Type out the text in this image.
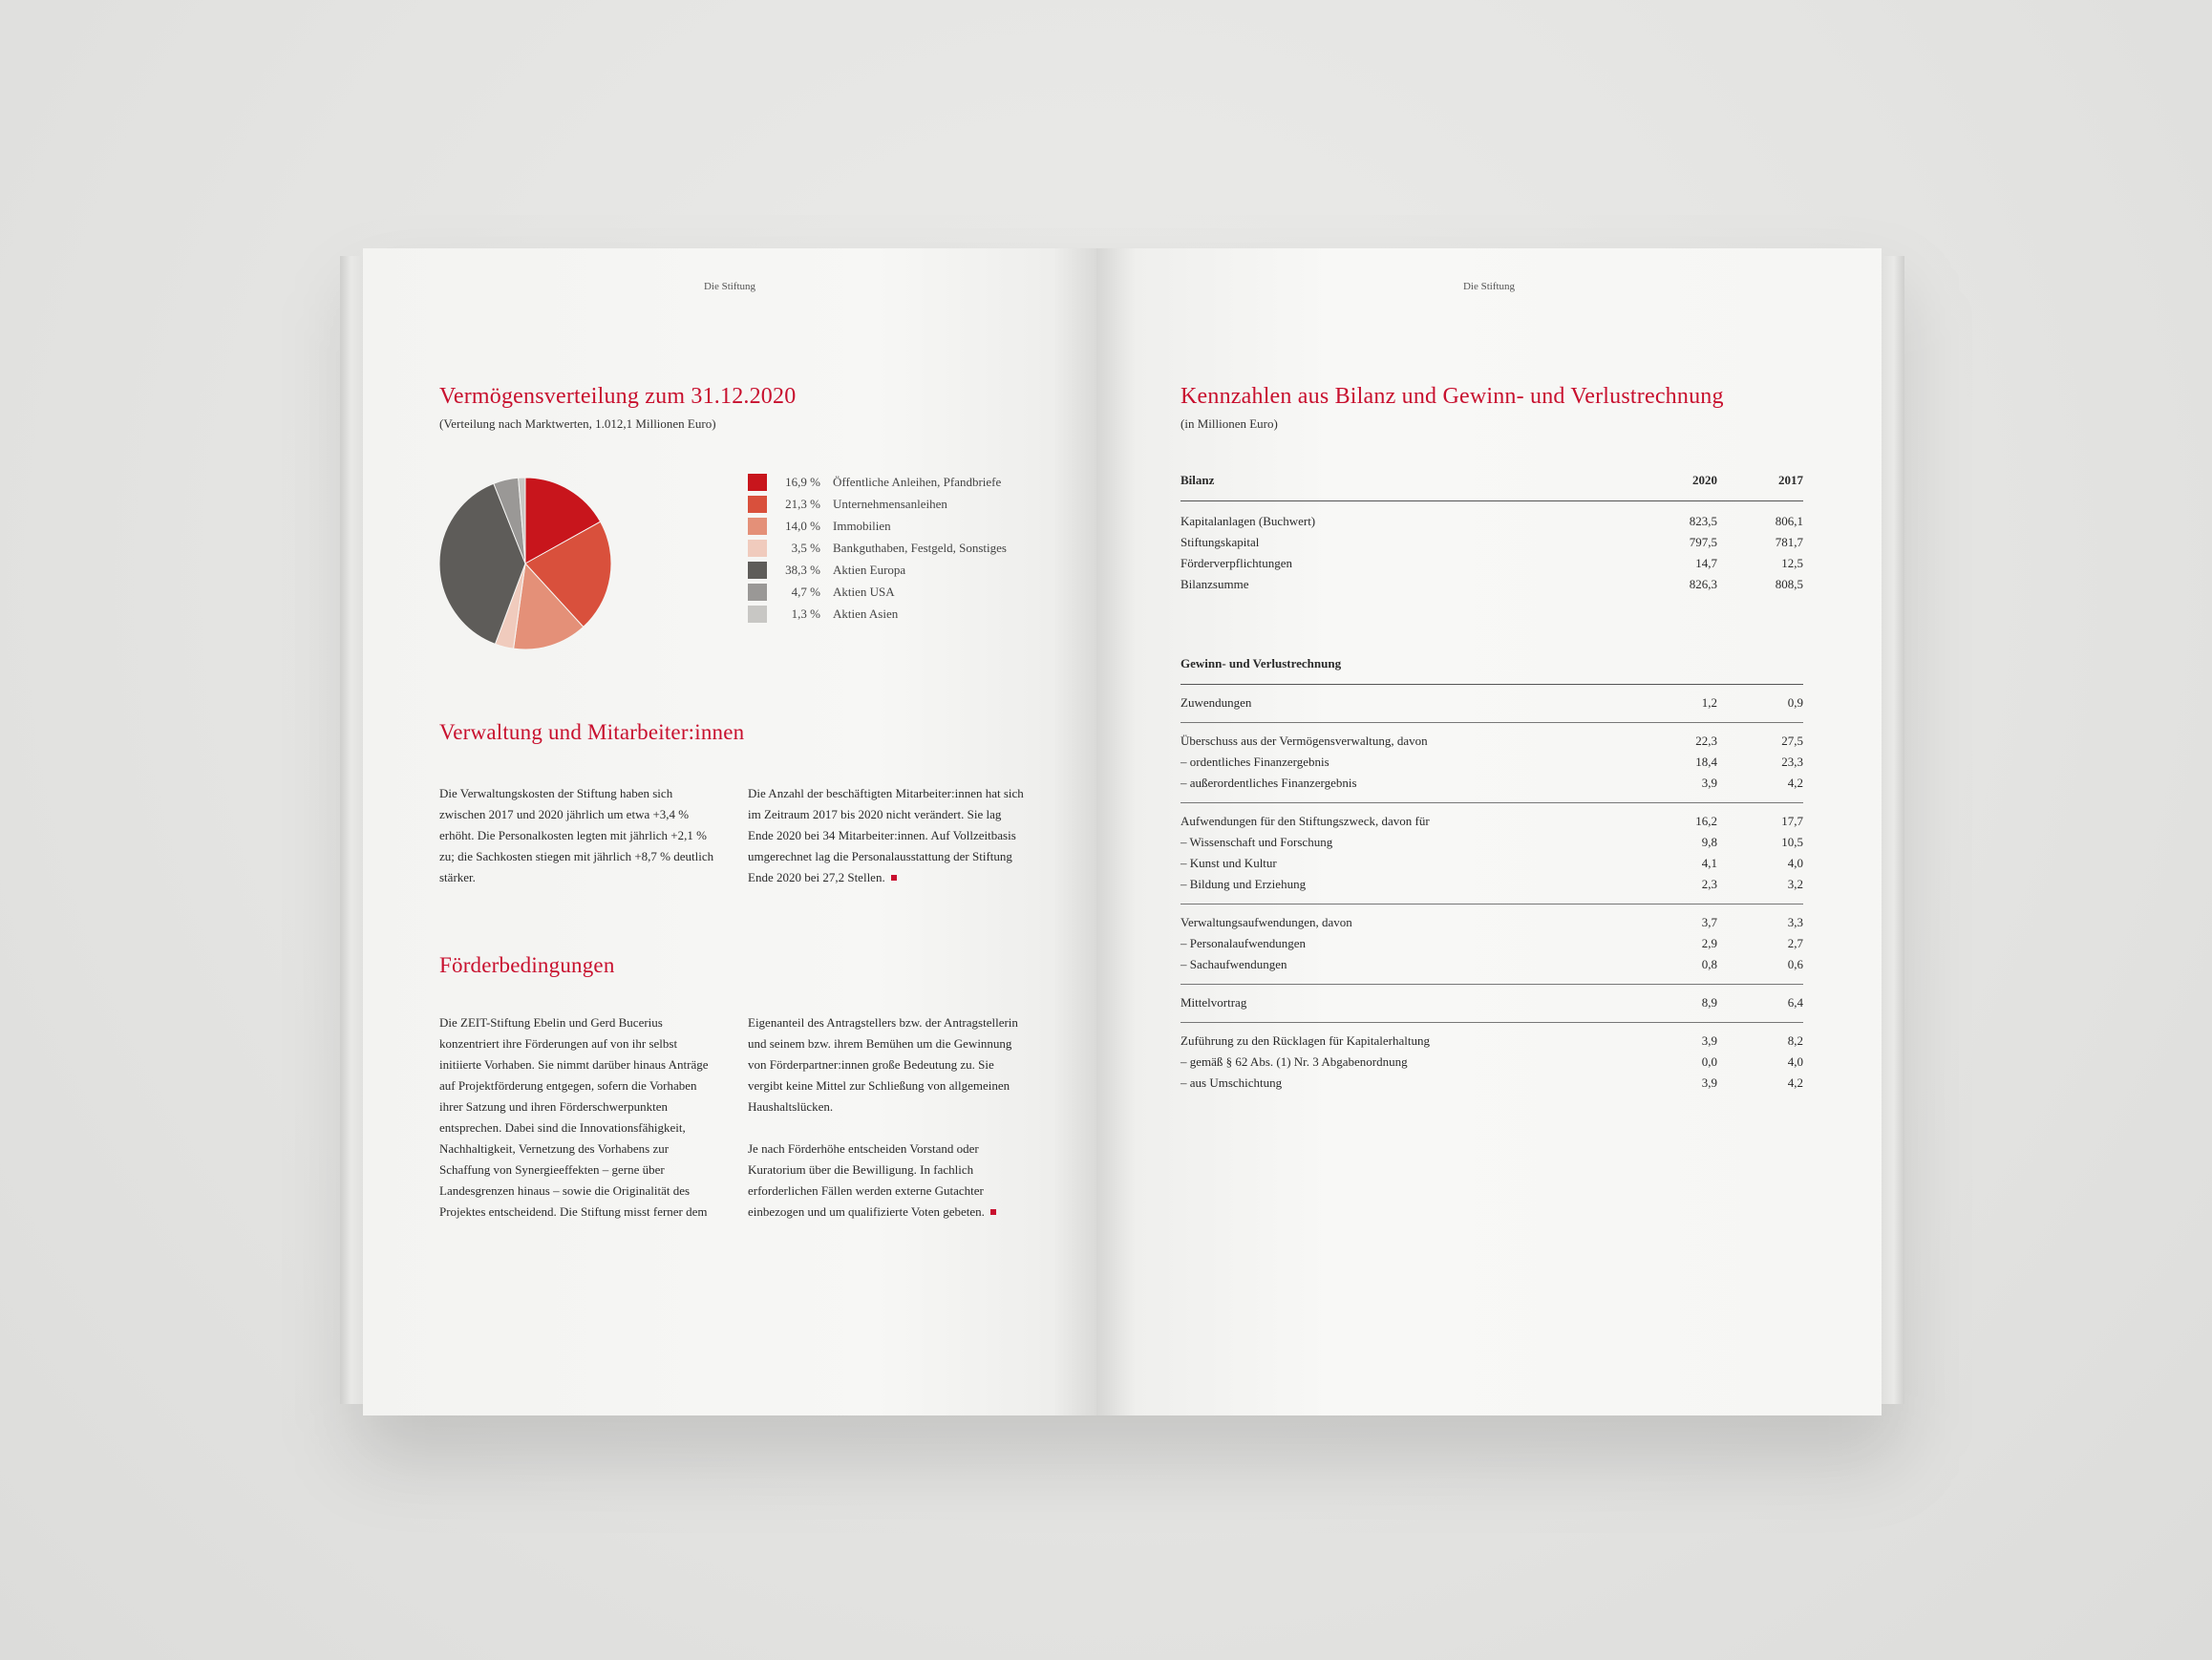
Die Stiftung
Vermögensverteilung zum 31.12.2020
(Verteilung nach Marktwerten, 1.012,1 Millionen Euro)
16,9 % Öffentliche Anleihen, Pfandbriefe
21,3 % Unternehmensanleihen
14,0 % Immobilien
3,5 % Bankguthaben, Festgeld, Sonstiges
38,3 % Aktien Europa
4,7 % Aktien USA
1,3 % Aktien Asien
Verwaltung und Mitarbeiter:innen

Die Verwaltungskosten der Stiftung haben sich zwischen 2017 und 2020 jährlich um etwa +3,4 % erhöht. Die Personalkosten legten mit jährlich +2,1 % zu; die Sachkosten stiegen mit jährlich +8,7 % deutlich stärker.

Die Anzahl der beschäftigten Mitarbeiter:innen hat sich im Zeitraum 2017 bis 2020 nicht verändert. Sie lag Ende 2020 bei 34 Mitarbeiter:innen. Auf Vollzeitbasis umgerechnet lag die Personalausstattung der Stiftung Ende 2020 bei 27,2 Stellen.

Förderbedingungen

Die ZEIT-Stiftung Ebelin und Gerd Bucerius konzentriert ihre Förderungen auf von ihr selbst initiierte Vorhaben. Sie nimmt darüber hinaus Anträge auf Projektförderung entgegen, sofern die Vorhaben ihrer Satzung und ihren Förderschwerpunkten entsprechen. Dabei sind die Innovationsfähigkeit, Nachhaltigkeit, Vernetzung des Vorhabens zur Schaffung von Synergieeffekten – gerne über Landesgrenzen hinaus – sowie die Originalität des Projektes entscheidend. Die Stiftung misst ferner dem

Eigenanteil des Antragstellers bzw. der Antragstellerin und seinem bzw. ihrem Bemühen um die Gewinnung von Förderpartner:innen große Bedeutung zu. Sie vergibt keine Mittel zur Schließung von allgemeinen Haushaltslücken.

Je nach Förderhöhe entscheiden Vorstand oder Kuratorium über die Bewilligung. In fachlich erforderlichen Fällen werden externe Gutachter einbezogen und um qualifizierte Voten gebeten.

Die Stiftung
Kennzahlen aus Bilanz und Gewinn- und Verlustrechnung
(in Millionen Euro)
Bilanz	2020	2017
Kapitalanlagen (Buchwert)	823,5	806,1
Stiftungskapital	797,5	781,7
Förderverpflichtungen	14,7	12,5
Bilanzsumme	826,3	808,5
Gewinn- und Verlustrechnung
Zuwendungen	1,2	0,9
Überschuss aus der Vermögensverwaltung, davon	22,3	27,5
– ordentliches Finanzergebnis	18,4	23,3
– außerordentliches Finanzergebnis	3,9	4,2
Aufwendungen für den Stiftungszweck, davon für	16,2	17,7
– Wissenschaft und Forschung	9,8	10,5
– Kunst und Kultur	4,1	4,0
– Bildung und Erziehung	2,3	3,2
Verwaltungsaufwendungen, davon	3,7	3,3
– Personalaufwendungen	2,9	2,7
– Sachaufwendungen	0,8	0,6
Mittelvortrag	8,9	6,4
Zuführung zu den Rücklagen für Kapitalerhaltung	3,9	8,2
– gemäß § 62 Abs. (1) Nr. 3 Abgabenordnung	0,0	4,0
– aus Umschichtung	3,9	4,2
